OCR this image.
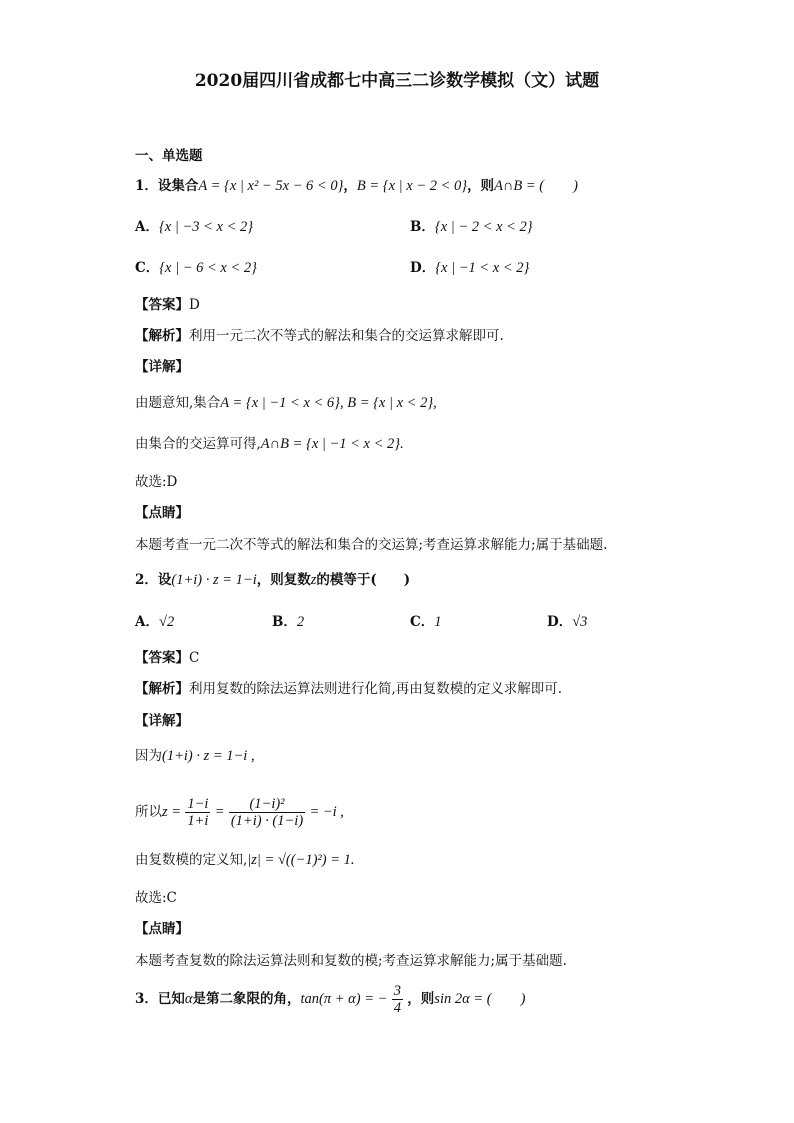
2020届四川省成都七中高三二诊数学模拟（文）试题
一、单选题
1．设集合A = {x | x² − 5x − 6 < 0}，B = {x | x − 2 < 0}，则A∩B = (　　)
A．{x | −3 < x < 2}	B．{x | − 2 < x < 2}
C．{x | − 6 < x < 2}	D．{x | −1 < x < 2}
【答案】D
【解析】利用一元二次不等式的解法和集合的交运算求解即可.
【详解】
由题意知,集合A = {x | −1 < x < 6}, B = {x | x < 2},
由集合的交运算可得,A∩B = {x | −1 < x < 2}.
故选:D
【点睛】
本题考查一元二次不等式的解法和集合的交运算;考查运算求解能力;属于基础题.
2．设(1+i) · z = 1−i，则复数z的模等于(　　)
A．√2	B．2	C．1	D．√3
【答案】C
【解析】利用复数的除法运算法则进行化简,再由复数模的定义求解即可.
【详解】
因为(1+i) · z = 1−i ,
所以$z = \frac{1-i}{1+i} = \frac{\text{(1−i)²}}{(1+i) \cdot (1-i)} = -i$ ,
由复数模的定义知,|z| = √((−1)²) = 1.
故选:C
【点睛】
本题考查复数的除法运算法则和复数的模;考查运算求解能力;属于基础题.
3．已知α是第二象限的角，tan(π + α) = − $\frac{3}{4}$ ，则sin 2α = (　　)
